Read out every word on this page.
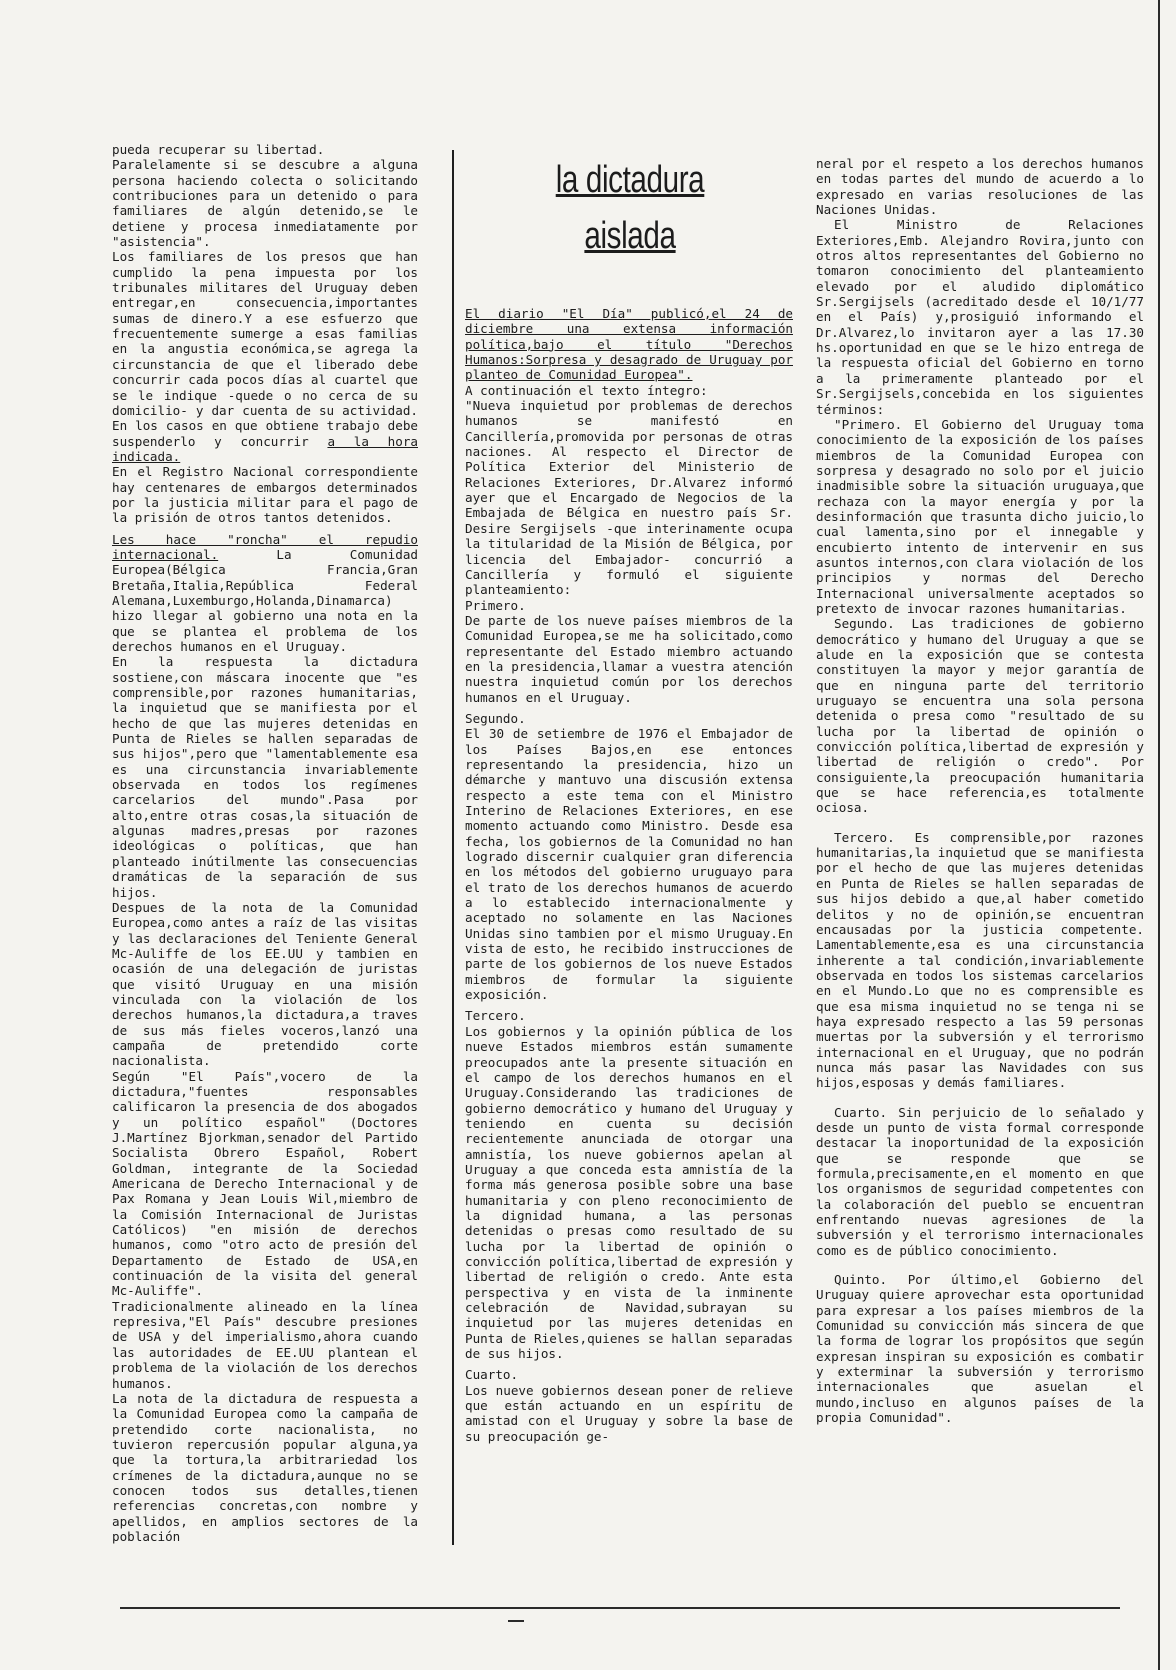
pueda recuperar su libertad.

Paralelamente si se descubre a alguna persona haciendo colecta o solicitando contribuciones para un detenido o para familiares de algún detenido,se le detiene y procesa inmediatamente por "asistencia".

Los familiares de los presos que han cumplido la pena impuesta por los tribunales militares del Uruguay deben entregar,en consecuencia,importantes sumas de dinero.Y a ese esfuerzo que frecuentemente sumerge a esas familias en la angustia económica,se agrega la circunstancia de que el liberado debe concurrir cada pocos días al cuartel que se le indique -quede o no cerca de su domicilio- y dar cuenta de su actividad. En los casos en que obtiene trabajo debe suspenderlo y concurrir a la hora indicada.

En el Registro Nacional correspondiente hay centenares de embargos determinados por la justicia militar para el pago de la prisión de otros tantos detenidos.

Les hace "roncha" el repudio internacional.	La Comunidad Europea(Bélgica Francia,Gran Bretaña,Italia,República Federal Alemana,Luxemburgo,Holanda,Dinamarca) hizo llegar al gobierno una nota en la que se plantea el problema de los derechos humanos en el Uruguay.

En la respuesta la dictadura sostiene,con máscara inocente que "es comprensible,por razones humanitarias, la inquietud que se manifiesta por el hecho de que las mujeres detenidas en Punta de Rieles se hallen separadas de sus hijos",pero que "lamentablemente esa es una circunstancia invariablemente observada en todos los regímenes carcelarios del mundo".Pasa por alto,entre otras cosas,la situación de algunas madres,presas por razones ideológicas o políticas, que han planteado inútilmente las consecuencias dramáticas de la separación de sus hijos.

Despues de la nota de la Comunidad Europea,como antes a raíz de las visitas y las declaraciones del Teniente General Mc-Auliffe de los EE.UU y tambien en ocasión de una delegación de juristas que visitó Uruguay en una misión vinculada con la violación de los derechos humanos,la dictadura,a traves de sus más fieles voceros,lanzó una campaña de pretendido corte nacionalista.

Según "El País",vocero de la dictadura,"fuentes responsables calificaron la presencia de dos abogados y un político español" (Doctores J.Martínez Bjorkman,senador del Partido Socialista Obrero Español, Robert Goldman, integrante de la Sociedad Americana de Derecho Internacional y de Pax Romana y Jean Louis Wil,miembro de la Comisión Internacional de Juristas Católicos) "en misión de derechos humanos, como "otro acto de presión del Departamento de Estado de USA,en continuación de la visita del general Mc-Auliffe".

Tradicionalmente alineado en la línea represiva,"El País" descubre presiones de USA y del imperialismo,ahora cuando las autoridades de EE.UU plantean el problema de la violación de los derechos humanos.

La nota de la dictadura de respuesta a la Comunidad Europea como la campaña de pretendido corte nacionalista, no tuvieron repercusión popular alguna,ya que la tortura,la arbitrariedad los crímenes de la dictadura,aunque no se conocen todos sus detalles,tienen referencias concretas,con nombre y apellidos, en amplios sectores de la población

la dictadura
aislada

El diario "El Día" publicó,el 24 de diciembre una extensa información política,bajo el título "Derechos Humanos:Sorpresa y desagrado de Uruguay por planteo de Comunidad Europea".

A continuación el texto íntegro:

"Nueva inquietud por problemas de derechos humanos se manifestó en Cancillería,promovida por personas de otras naciones. Al respecto el Director de Política Exterior del Ministerio de Relaciones Exteriores, Dr.Alvarez informó ayer que el Encargado de Negocios de la Embajada de Bélgica en nuestro país Sr. Desire Sergijsels -que interinamente ocupa la titularidad de la Misión de Bélgica, por licencia del Embajador- concurrió a Cancillería y formuló el siguiente planteamiento:

Primero.

De parte de los nueve países miembros de la Comunidad Europea,se me ha solicitado,como representante del Estado miembro actuando en la presidencia,llamar a vuestra atención nuestra inquietud común por los derechos humanos en el Uruguay.

Segundo.

El 30 de setiembre de 1976 el Embajador de los Países Bajos,en ese entonces representando la presidencia, hizo un démarche y mantuvo una discusión extensa respecto a este tema con el Ministro Interino de Relaciones Exteriores, en ese momento actuando como Ministro. Desde esa fecha, los gobiernos de la Comunidad no han logrado discernir cualquier gran diferencia en los métodos del gobierno uruguayo para el trato de los derechos humanos de acuerdo a lo establecido internacionalmente y aceptado no solamente en las Naciones Unidas sino tambien por el mismo Uruguay.En vista de esto, he recibido instrucciones de parte de los gobiernos de los nueve Estados miembros de formular la siguiente exposición.

Tercero.

Los gobiernos y la opinión pública de los nueve Estados miembros están sumamente preocupados ante la presente situación en el campo de los derechos humanos en el Uruguay.Considerando las tradiciones de gobierno democrático y humano del Uruguay y teniendo en cuenta su decisión recientemente anunciada de otorgar una amnistía, los nueve gobiernos apelan al Uruguay a que conceda esta amnistía de la forma más generosa posible sobre una base humanitaria y con pleno reconocimiento de la dignidad humana, a las personas detenidas o presas como resultado de su lucha por la libertad de opinión o convicción política,libertad de expresión y libertad de religión o credo. Ante esta perspectiva y en vista de la inminente celebración de Navidad,subrayan su inquietud por las mujeres detenidas en Punta de Rieles,quienes se hallan separadas de sus hijos.

Cuarto.

Los nueve gobiernos desean poner de relieve que están actuando en un espíritu de amistad con el Uruguay y sobre la base de su preocupación ge-

neral por el respeto a los derechos humanos en todas partes del mundo de acuerdo a lo expresado en varias resoluciones de las Naciones Unidas.

El Ministro de Relaciones Exteriores,Emb. Alejandro Rovira,junto con otros altos representantes del Gobierno no tomaron conocimiento del planteamiento elevado por el aludido diplomático Sr.Sergijsels (acreditado desde el 10/1/77 en el País) y,prosiguió informando el Dr.Alvarez,lo invitaron ayer a las 17.30 hs.oportunidad en que se le hizo entrega de la respuesta oficial del Gobierno en torno a la primeramente planteado por el Sr.Sergijsels,concebida en los siguientes términos:

"Primero. El Gobierno del Uruguay toma conocimiento de la exposición de los países miembros de la Comunidad Europea con sorpresa y desagrado no solo por el juicio inadmisible sobre la situación uruguaya,que rechaza con la mayor energía y por la desinformación que trasunta dicho juicio,lo cual lamenta,sino por el innegable y encubierto intento de intervenir en sus asuntos internos,con clara violación de los principios y normas del Derecho Internacional universalmente aceptados so pretexto de invocar razones humanitarias.

Segundo. Las tradiciones de gobierno democrático y humano del Uruguay a que se alude en la exposición que se contesta constituyen la mayor y mejor garantía de que en ninguna parte del territorio uruguayo se encuentra una sola persona detenida o presa como "resultado de su lucha por la libertad de opinión o convicción política,libertad de expresión y libertad de religión o credo". Por consiguiente,la preocupación humanitaria que se hace referencia,es totalmente ociosa.

Tercero. Es comprensible,por razones humanitarias,la inquietud que se manifiesta por el hecho de que las mujeres detenidas en Punta de Rieles se hallen separadas de sus hijos debido a que,al haber cometido delitos y no de opinión,se encuentran encausadas por la justicia competente. Lamentablemente,esa es una circunstancia inherente a tal condición,invariablemente observada en todos los sistemas carcelarios en el Mundo.Lo que no es comprensible es que esa misma inquietud no se tenga ni se haya expresado respecto a las 59 personas muertas por la subversión y el terrorismo internacional en el Uruguay, que no podrán nunca más pasar las Navidades con sus hijos,esposas y demás familiares.

Cuarto. Sin perjuicio de lo señalado y desde un punto de vista formal corresponde destacar la inoportunidad de la exposición que se responde que se formula,precisamente,en el momento en que los organismos de seguridad competentes con la colaboración del pueblo se encuentran enfrentando nuevas agresiones de la subversión y el terrorismo internacionales como es de público conocimiento.

Quinto. Por último,el Gobierno del Uruguay quiere aprovechar esta oportunidad para expresar a los países miembros de la Comunidad su convicción más sincera de que la forma de lograr los propósitos que según expresan inspiran su exposición es combatir y exterminar la subversión y terrorismo internacionales que asuelan el mundo,incluso en algunos países de la propia Comunidad".
